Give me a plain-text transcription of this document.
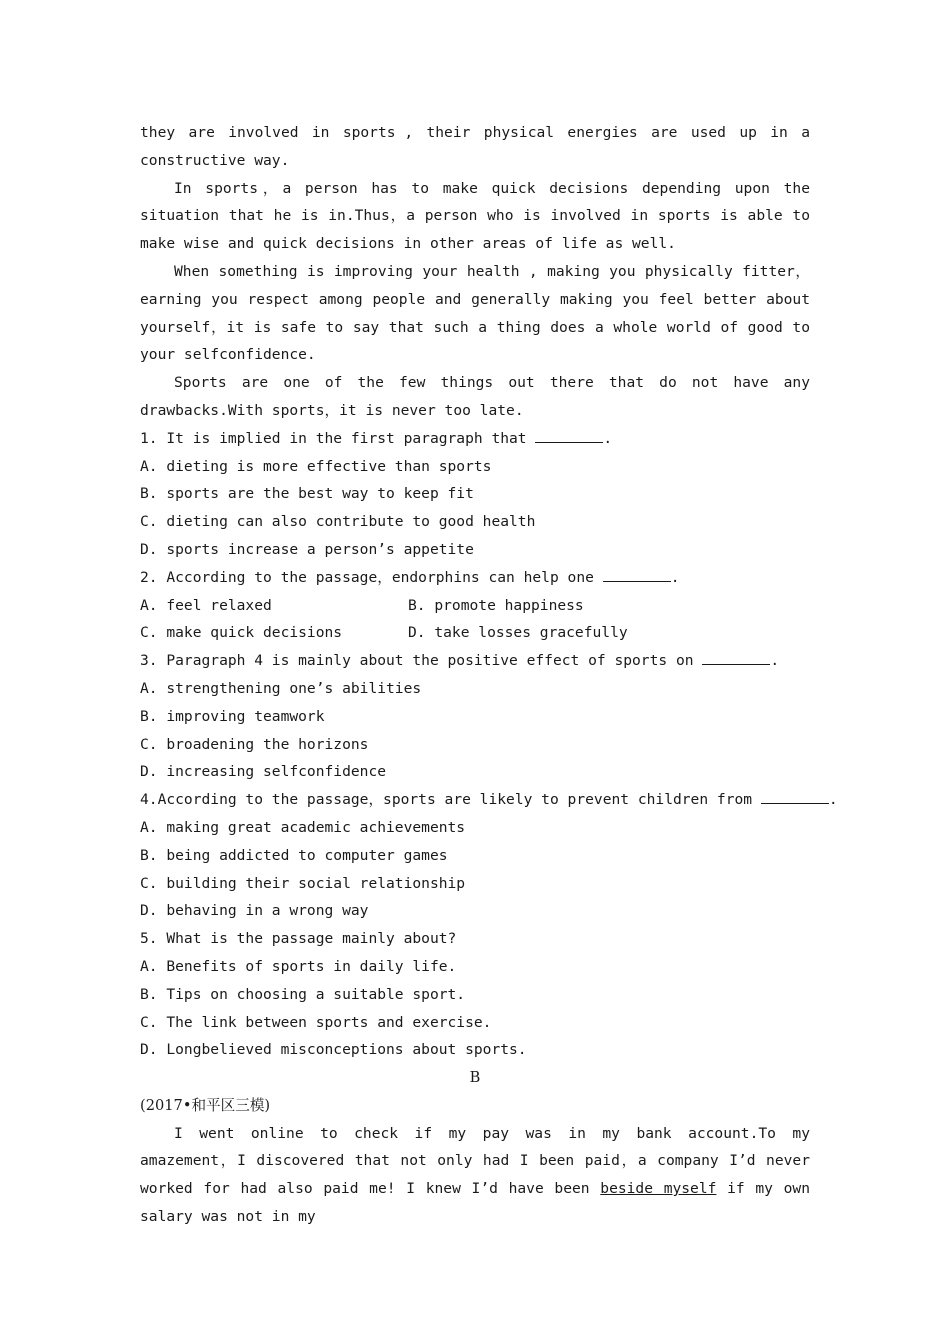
they are involved in sports , their physical energies are used up in a constructive way.

In sports，a person has to make quick decisions depending upon the situation that he is in.Thus，a person who is involved in sports is able to make wise and quick decisions in other areas of life as well.

When something is improving your health , making you physically fitter，earning you respect among people and generally making you feel better about yourself，it is safe to say that such a thing does a whole world of good to your selfconfidence.

Sports are one of the few things out there that do not have any drawbacks.With sports，it is never too late.

1. It is implied in the first paragraph that	.

A. dieting is more effective than sports

B. sports are the best way to keep fit

C. dieting can also contribute to good health

D. sports increase a person’s appetite

2. According to the passage，endorphins can help one	.

A. feel relaxed	B. promote happiness
C. make quick decisions	D. take losses gracefully

3. Paragraph 4 is mainly about the positive effect of sports on	.

A. strengthening one’s abilities

B. improving teamwork

C. broadening the horizons

D. increasing selfconfidence

4.According to the passage，sports are likely to prevent children from	.

A. making great academic achievements

B. being addicted to computer games

C. building their social relationship

D. behaving in a wrong way

5. What is the passage mainly about?

A. Benefits of sports in daily life.

B. Tips on choosing a suitable sport.

C. The link between sports and exercise.

D. Longbelieved misconceptions about sports.

B

(2017•和平区三模)

I went online to check if my pay was in my bank account.To my amazement，I discovered that not only had I been paid，a company I’d never worked for had also paid me! I knew I’d have been beside myself if my own salary was not in my
